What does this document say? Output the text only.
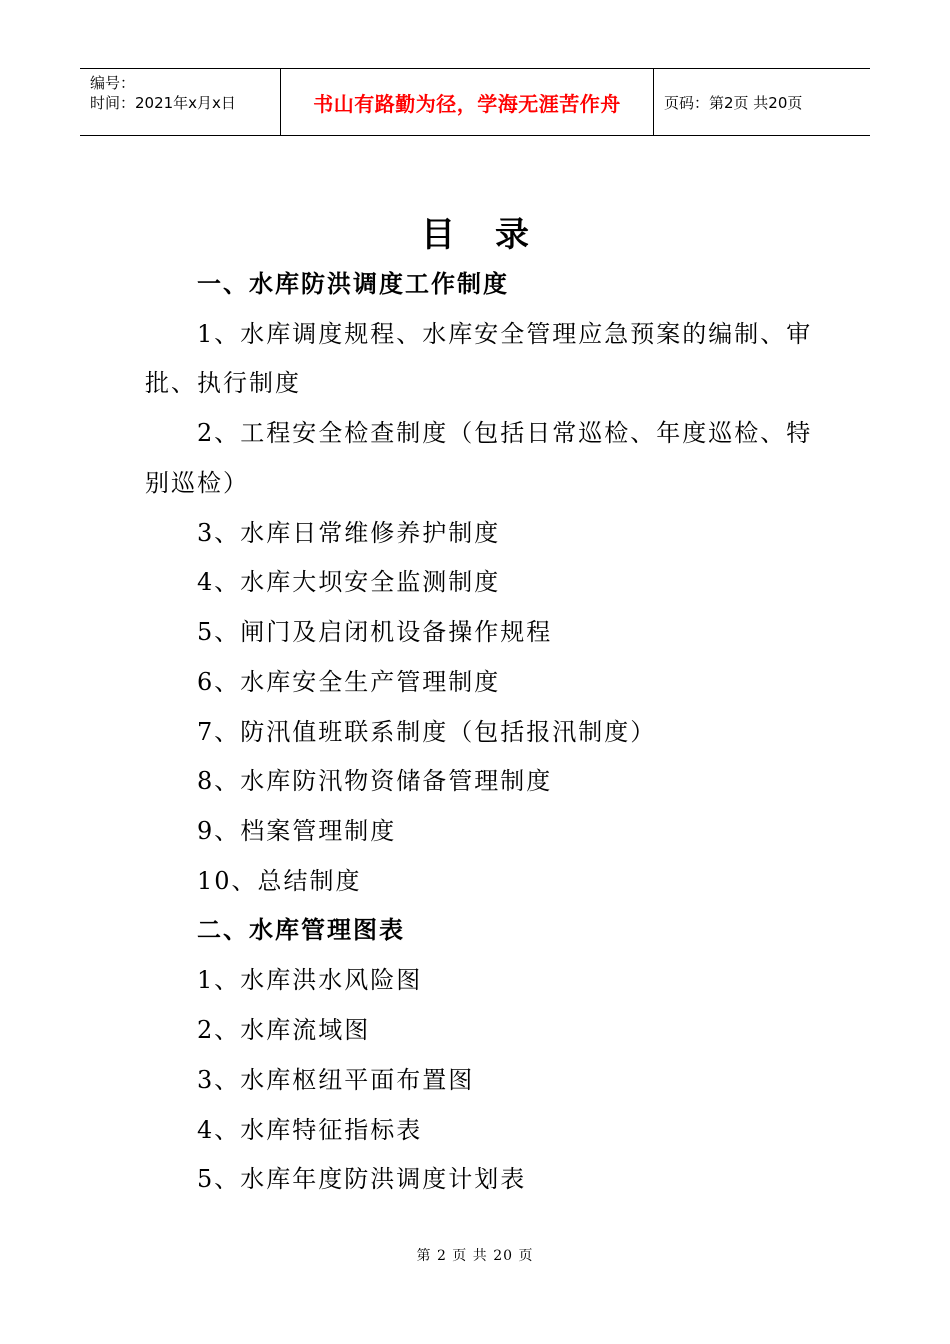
编号：
时间：2021年x月x日	书山有路勤为径，学海无涯苦作舟	页码：第2页 共20页
目录
一、水库防洪调度工作制度
1、水库调度规程、水库安全管理应急预案的编制、审
批、执行制度
2、工程安全检查制度（包括日常巡检、年度巡检、特
别巡检）
3、水库日常维修养护制度
4、水库大坝安全监测制度
5、闸门及启闭机设备操作规程
6、水库安全生产管理制度
7、防汛值班联系制度（包括报汛制度）
8、水库防汛物资储备管理制度
9、档案管理制度
10、总结制度
二、水库管理图表
1、水库洪水风险图
2、水库流域图
3、水库枢纽平面布置图
4、水库特征指标表
5、水库年度防洪调度计划表
第 2 页 共 20 页
